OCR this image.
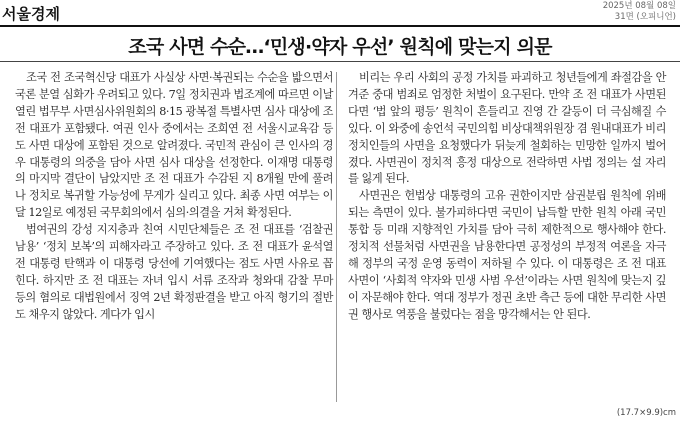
서울경제	2025년 08월 08일
31면 (오피니언)
조국 사면 수순…‘민생·약자 우선’ 원칙에 맞는지 의문

조국 전 조국혁신당 대표가 사실상 사면·복권되는 수순을 밟으면서 국론 분열 심화가 우려되고 있다. 7일 정치권과 법조계에 따르면 이날 열린 법무부 사면심사위원회의 8·15 광복절 특별사면 심사 대상에 조 전 대표가 포함됐다. 여권 인사 중에서는 조희연 전 서울시교육감 등도 사면 대상에 포함된 것으로 알려졌다. 국민적 관심이 큰 인사의 경우 대통령의 의중을 담아 사면 심사 대상을 선정한다. 이재명 대통령의 마지막 결단이 남았지만 조 전 대표가 수감된 지 8개월 만에 풀려나 정치로 복귀할 가능성에 무게가 실리고 있다. 최종 사면 여부는 이달 12일로 예정된 국무회의에서 심의·의결을 거쳐 확정된다.

범여권의 강성 지지층과 친여 시민단체들은 조 전 대표를 ‘검찰권 남용’ ‘정치 보복’의 피해자라고 주장하고 있다. 조 전 대표가 윤석열 전 대통령 탄핵과 이 대통령 당선에 기여했다는 점도 사면 사유로 꼽힌다. 하지만 조 전 대표는 자녀 입시 서류 조작과 청와대 감찰 무마 등의 혐의로 대법원에서 징역 2년 확정판결을 받고 아직 형기의 절반도 채우지 않았다. 게다가 입시

비리는 우리 사회의 공정 가치를 파괴하고 청년들에게 좌절감을 안겨준 중대 범죄로 엄정한 처벌이 요구된다. 만약 조 전 대표가 사면된다면 ‘법 앞의 평등’ 원칙이 흔들리고 진영 간 갈등이 더 극심해질 수 있다. 이 와중에 송언석 국민의힘 비상대책위원장 겸 원내대표가 비리 정치인들의 사면을 요청했다가 뒤늦게 철회하는 민망한 일까지 벌어졌다. 사면권이 정치적 흥정 대상으로 전락하면 사법 정의는 설 자리를 잃게 된다.

사면권은 헌법상 대통령의 고유 권한이지만 삼권분립 원칙에 위배되는 측면이 있다. 불가피하다면 국민이 납득할 만한 원칙 아래 국민 통합 등 미래 지향적인 가치를 담아 극히 제한적으로 행사해야 한다. 정치적 선물처럼 사면권을 남용한다면 공정성의 부정적 여론을 자극해 정부의 국정 운영 동력이 저하될 수 있다. 이 대통령은 조 전 대표 사면이 ‘사회적 약자와 민생 사범 우선’이라는 사면 원칙에 맞는지 깊이 자문해야 한다. 역대 정부가 정권 초반 측근 등에 대한 무리한 사면권 행사로 역풍을 불렀다는 점을 망각해서는 안 된다.

(17.7×9.9)cm
